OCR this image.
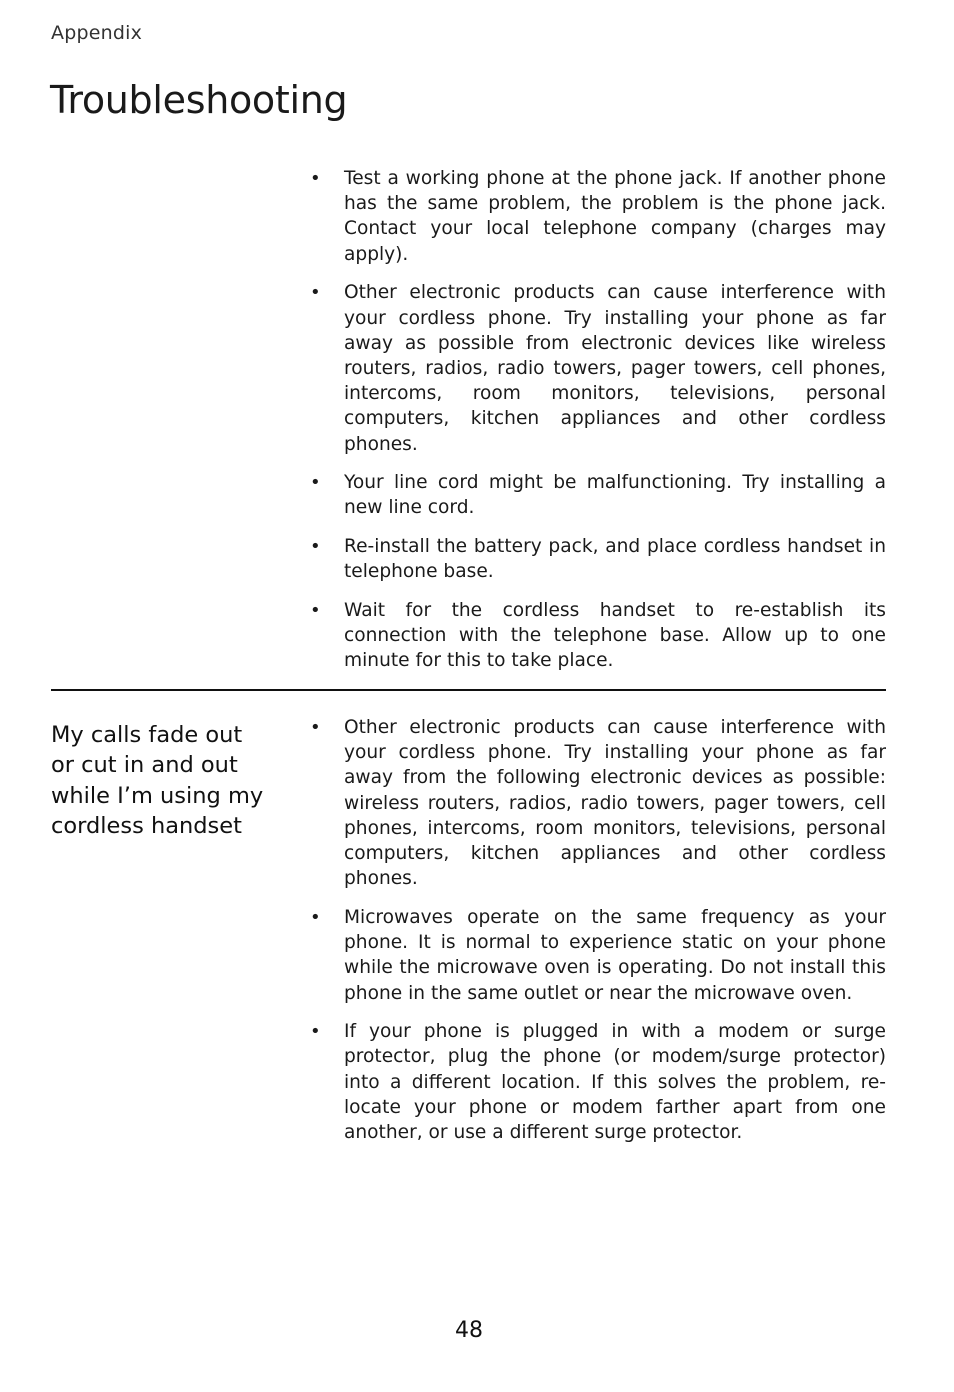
Appendix
Troubleshooting
• Test a working phone at the phone jack. If another phone has the same problem, the problem is the phone jack. Contact your local telephone company (charges may apply).
• Other electronic products can cause interference with your cordless phone. Try installing your phone as far away as possible from electronic devices like wireless routers, radios, radio towers, pager towers, cell phones, intercoms, room monitors, televisions, personal computers, kitchen appliances and other cordless phones.
• Your line cord might be malfunctioning. Try installing a new line cord.
• Re-install the battery pack, and place cordless handset in telephone base.
• Wait for the cordless handset to re-establish its connection with the telephone base. Allow up to one minute for this to take place.

My calls fade out or cut in and out while I’m using my cordless handset

• Other electronic products can cause interference with your cordless phone. Try installing your phone as far away from the following electronic devices as possible: wireless routers, radios, radio towers, pager towers, cell phones, intercoms, room monitors, televisions, personal computers, kitchen appliances and other cordless phones.
• Microwaves operate on the same frequency as your phone. It is normal to experience static on your phone while the microwave oven is operating. Do not install this phone in the same outlet or near the microwave oven.
• If your phone is plugged in with a modem or surge protector, plug the phone (or modem/surge protector) into a different location. If this solves the problem, re-locate your phone or modem farther apart from one another, or use a different surge protector.
48
